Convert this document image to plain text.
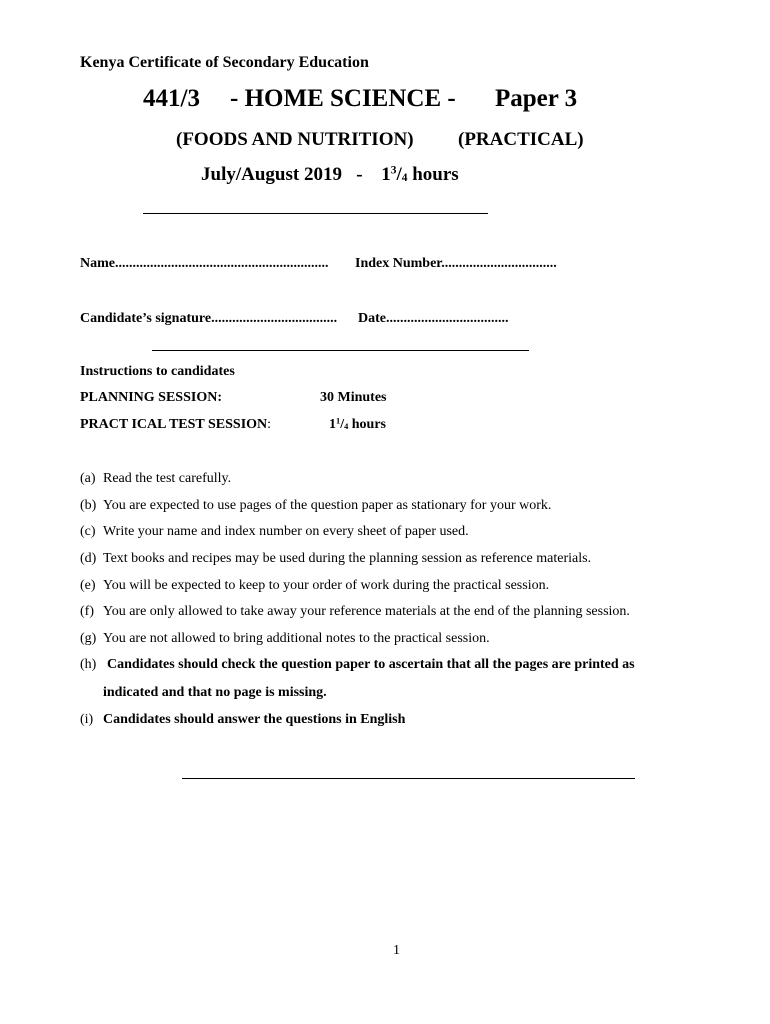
Kenya Certificate of Secondary Education
441/3 - HOME SCIENCE - Paper 3
(FOODS AND NUTRITION) (PRACTICAL)
July/August $2019 - 1^3/_4$ hours
Name............................................................. Index Number.................................
Candidate’s signature.................................... Date...................................
Instructions to candidates
PLANNING SESSION:	30 Minutes
PRACT ICAL TEST SESSION:	$1^1/_4$ hours
(a) Read the test carefully.
(b) You are expected to use pages of the question paper as stationary for your work.
(c) Write your name and index number on every sheet of paper used.
(d) Text books and recipes may be used during the planning session as reference materials.
(e) You will be expected to keep to your order of work during the practical session.
(f) You are only allowed to take away your reference materials at the end of the planning session.
(g) You are not allowed to bring additional notes to the practical session.
(h) Candidates should check the question paper to ascertain that all the pages are printed as
indicated and that no page is missing.
(i) Candidates should answer the questions in English
1
